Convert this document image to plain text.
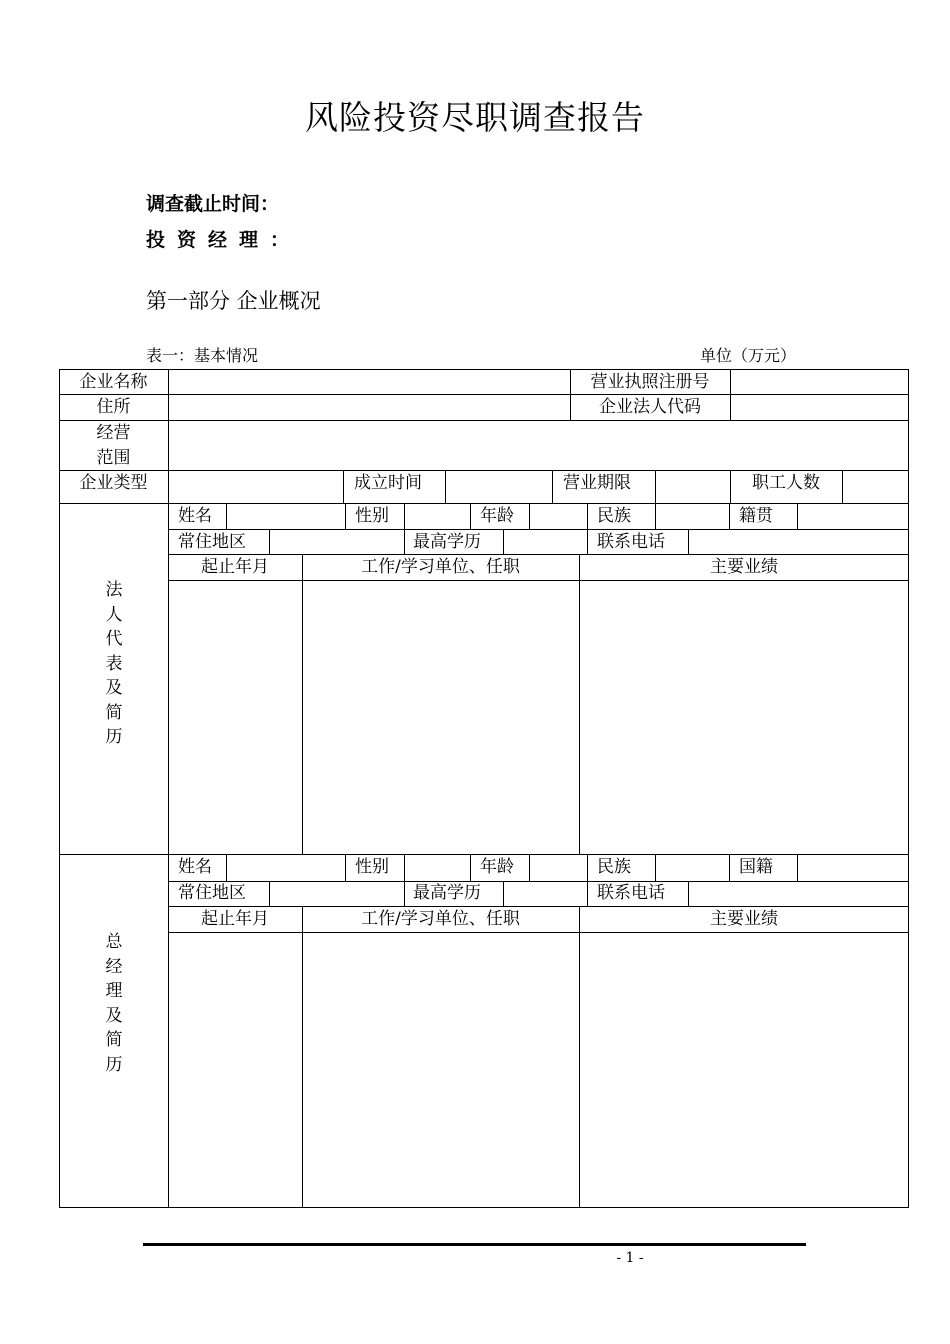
风险投资尽职调查报告
调查截止时间：
投资经理：
第一部分 企业概况
表一：基本情况	单位（万元）
企业名称	营业执照注册号
住所	企业法人代码
经营
范围
企业类型	成立时间	营业期限	职工人数
法
人
代
表
及
简
历
姓名	性别	年龄	民族	籍贯
常住地区	最高学历	联系电话
起止年月	工作/学习单位、任职	主要业绩
总
经
理
及
简
历
姓名	性别	年龄	民族	国籍
常住地区	最高学历	联系电话
起止年月	工作/学习单位、任职	主要业绩
- 1 -
